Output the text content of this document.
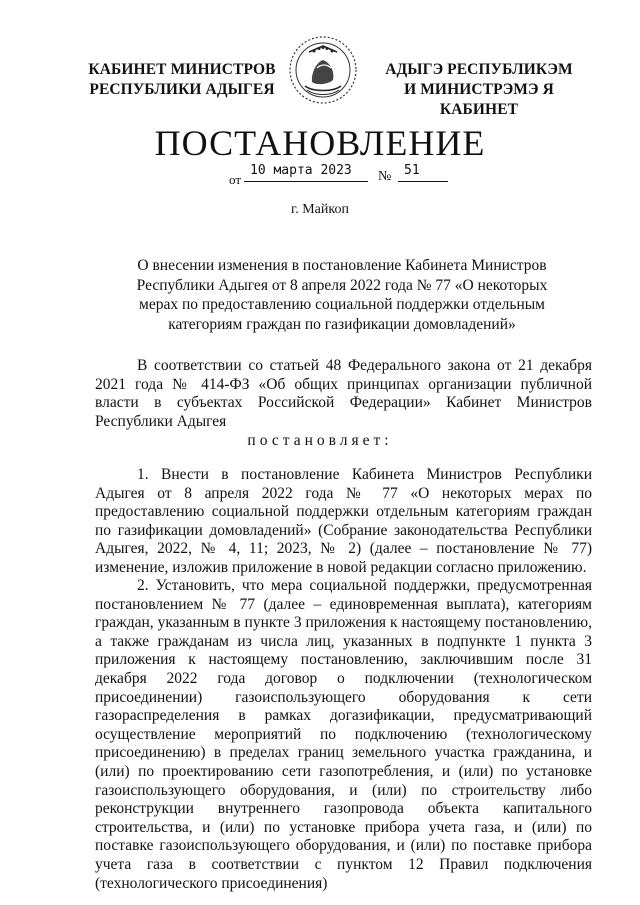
КАБИНЕТ МИНИСТРОВ
РЕСПУБЛИКИ АДЫГЕЯ
АДЫГЭ РЕСПУБЛИКЭМ
И МИНИСТРЭМЭ Я КАБИНЕТ
ПОСТАНОВЛЕНИЕ
от
10 марта 2023	№ 51
г. Майкоп
О внесении изменения в постановление Кабинета Министров Республики Адыгея от 8 апреля 2022 года № 77 «О некоторых мерах по предоставлению социальной поддержки отдельным категориям граждан по газификации домовладений»

В соответствии со статьей 48 Федерального закона от 21 декабря 2021 года № 414-ФЗ «Об общих принципах организации публичной власти в субъектах Российской Федерации» Кабинет Министров Республики Адыгея

постановляет:

1. Внести в постановление Кабинета Министров Республики Адыгея от 8 апреля 2022 года № 77 «О некоторых мерах по предоставлению социальной поддержки отдельным категориям граждан по газификации домовладений» (Собрание законодательства Республики Адыгея, 2022, № 4, 11; 2023, № 2) (далее – постановление № 77) изменение, изложив приложение в новой редакции согласно приложению.

2. Установить, что мера социальной поддержки, предусмотренная постановлением № 77 (далее – единовременная выплата), категориям граждан, указанным в пункте 3 приложения к настоящему постановлению, а также гражданам из числа лиц, указанных в подпункте 1 пункта 3 приложения к настоящему постановлению, заключившим после 31 декабря 2022 года договор о подключении (технологическом присоединении) газоиспользующего оборудования к сети газораспределения в рамках догазификации, предусматривающий осуществление мероприятий по подключению (технологическому присоединению) в пределах границ земельного участка гражданина, и (или) по проектированию сети газопотребления, и (или) по установке газоиспользующего оборудования, и (или) по строительству либо реконструкции внутреннего газопровода объекта капитального строительства, и (или) по установке прибора учета газа, и (или) по поставке газоиспользующего оборудования, и (или) по поставке прибора учета газа в соответствии с пунктом 12 Правил подключения (технологического присоединения)
